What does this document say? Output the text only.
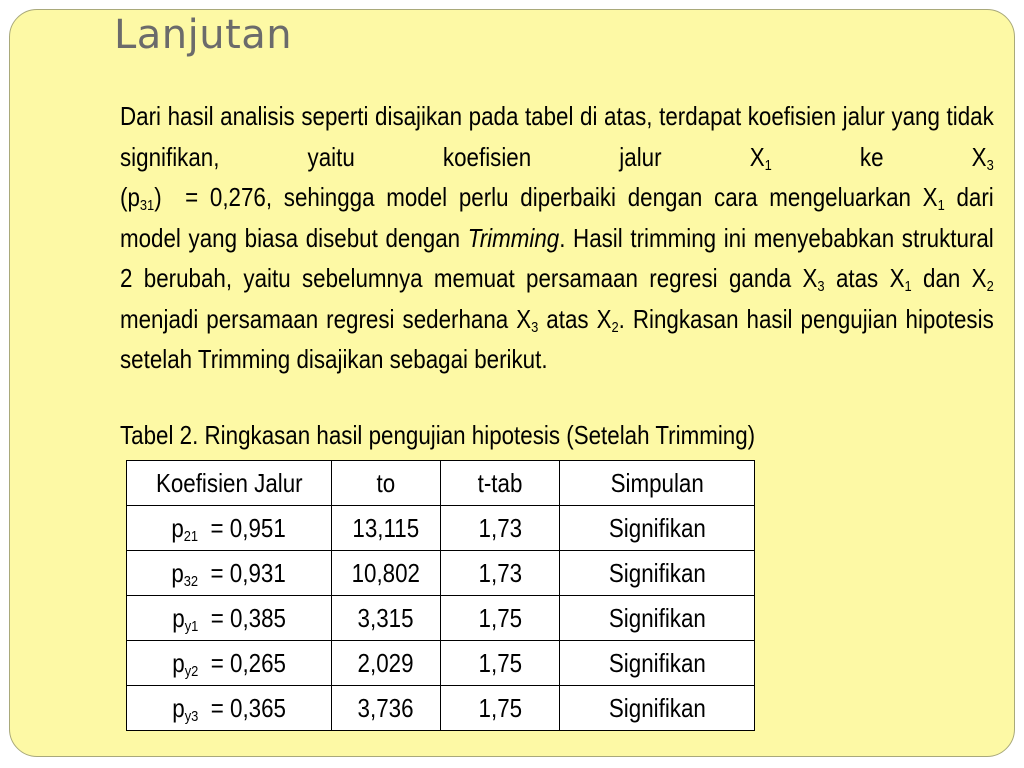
Lanjutan
Dari hasil analisis seperti disajikan pada tabel di atas, terdapat koefisien jalur yang tidak signifikan, yaitu koefisien jalur $X_1$ ke $X_3$ $(p_{31}) = 0,276$, sehingga model perlu diperbaiki dengan cara mengeluarkan $X_1$ dari model yang biasa disebut dengan Trimming. Hasil trimming ini menyebabkan struktural 2 berubah, yaitu sebelumnya memuat persamaan regresi ganda $X_3$ atas $X_1$ dan $X_2$ menjadi persamaan regresi sederhana $X_3$ atas $X_2$. Ringkasan hasil pengujian hipotesis setelah Trimming disajikan sebagai berikut.
Tabel 2. Ringkasan hasil pengujian hipotesis (Setelah Trimming)
Koefisien Jalur	to	t-tab	Simpulan
$p_{21} = 0,951$	13,115	1,73	Signifikan
$p_{32} = 0,931$	10,802	1,73	Signifikan
$p_{y1} = 0,385$	3,315	1,75	Signifikan
$p_{y2} = 0,265$	2,029	1,75	Signifikan
$p_{y3} = 0,365$	3,736	1,75	Signifikan
